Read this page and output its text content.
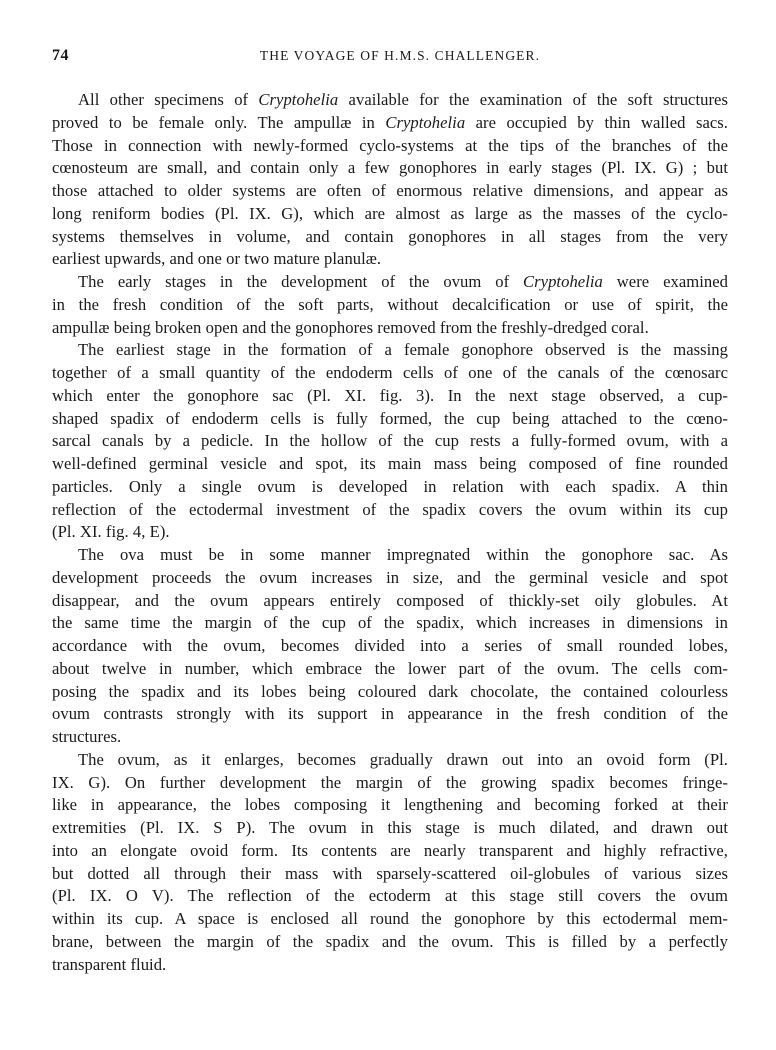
74	THE VOYAGE OF H.M.S. CHALLENGER.
All other specimens of Cryptohelia available for the examination of the soft structures
proved to be female only. The ampullæ in Cryptohelia are occupied by thin walled sacs.
Those in connection with newly-formed cyclo-systems at the tips of the branches of the
cœnosteum are small, and contain only a few gonophores in early stages (Pl. IX. G) ; but
those attached to older systems are often of enormous relative dimensions, and appear as
long reniform bodies (Pl. IX. G), which are almost as large as the masses of the cyclo-
systems themselves in volume, and contain gonophores in all stages from the very
earliest upwards, and one or two mature planulæ.
The early stages in the development of the ovum of Cryptohelia were examined
in the fresh condition of the soft parts, without decalcification or use of spirit, the
ampullæ being broken open and the gonophores removed from the freshly-dredged coral.
The earliest stage in the formation of a female gonophore observed is the massing
together of a small quantity of the endoderm cells of one of the canals of the cœnosarc
which enter the gonophore sac (Pl. XI. fig. 3). In the next stage observed, a cup-
shaped spadix of endoderm cells is fully formed, the cup being attached to the cœno-
sarcal canals by a pedicle. In the hollow of the cup rests a fully-formed ovum, with a
well-defined germinal vesicle and spot, its main mass being composed of fine rounded
particles. Only a single ovum is developed in relation with each spadix. A thin
reflection of the ectodermal investment of the spadix covers the ovum within its cup
(Pl. XI. fig. 4, E).
The ova must be in some manner impregnated within the gonophore sac. As
development proceeds the ovum increases in size, and the germinal vesicle and spot
disappear, and the ovum appears entirely composed of thickly-set oily globules. At
the same time the margin of the cup of the spadix, which increases in dimensions in
accordance with the ovum, becomes divided into a series of small rounded lobes,
about twelve in number, which embrace the lower part of the ovum. The cells com-
posing the spadix and its lobes being coloured dark chocolate, the contained colourless
ovum contrasts strongly with its support in appearance in the fresh condition of the
structures.
The ovum, as it enlarges, becomes gradually drawn out into an ovoid form (Pl.
IX. G). On further development the margin of the growing spadix becomes fringe-
like in appearance, the lobes composing it lengthening and becoming forked at their
extremities (Pl. IX. S P). The ovum in this stage is much dilated, and drawn out
into an elongate ovoid form. Its contents are nearly transparent and highly refractive,
but dotted all through their mass with sparsely-scattered oil-globules of various sizes
(Pl. IX. O V). The reflection of the ectoderm at this stage still covers the ovum
within its cup. A space is enclosed all round the gonophore by this ectodermal mem-
brane, between the margin of the spadix and the ovum. This is filled by a perfectly
transparent fluid.
